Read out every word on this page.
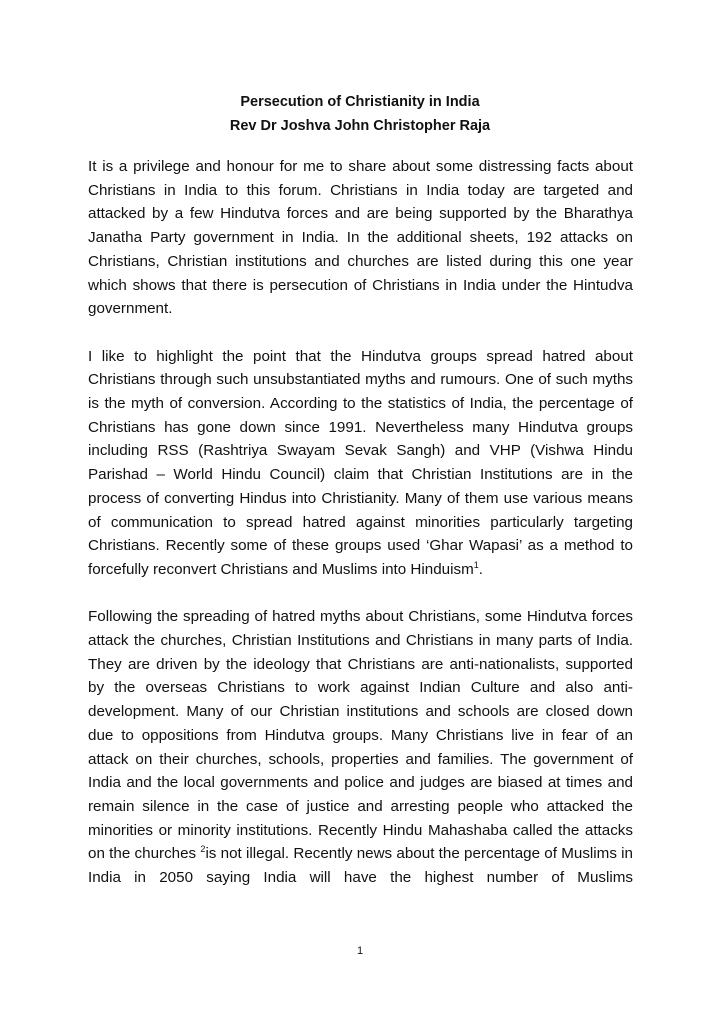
Persecution of Christianity in India
Rev Dr Joshva John Christopher Raja

It is a privilege and honour for me to share about some distressing facts about Christians in India to this forum. Christians in India today are targeted and attacked by a few Hindutva forces and are being supported by the Bharathya Janatha Party government in India. In the additional sheets, 192 attacks on Christians, Christian institutions and churches are listed during this one year which shows that there is persecution of Christians in India under the Hintudva government.

I like to highlight the point that the Hindutva groups spread hatred about Christians through such unsubstantiated myths and rumours. One of such myths is the myth of conversion. According to the statistics of India, the percentage of Christians has gone down since 1991. Nevertheless many Hindutva groups including RSS (Rashtriya Swayam Sevak Sangh) and VHP (Vishwa Hindu Parishad – World Hindu Council) claim that Christian Institutions are in the process of converting Hindus into Christianity. Many of them use various means of communication to spread hatred against minorities particularly targeting Christians. Recently some of these groups used ‘Ghar Wapasi’ as a method to forcefully reconvert Christians and Muslims into Hinduism$^1$.

Following the spreading of hatred myths about Christians, some Hindutva forces attack the churches, Christian Institutions and Christians in many parts of India. They are driven by the ideology that Christians are anti-nationalists, supported by the overseas Christians to work against Indian Culture and also anti-development. Many of our Christian institutions and schools are closed down due to oppositions from Hindutva groups. Many Christians live in fear of an attack on their churches, schools, properties and families. The government of India and the local governments and police and judges are biased at times and remain silence in the case of justice and arresting people who attacked the minorities or minority institutions. Recently Hindu Mahashaba called the attacks on the churches $^2$is not illegal. Recently news about the percentage of Muslims in India in 2050 saying India will have the highest number of Muslims

1
